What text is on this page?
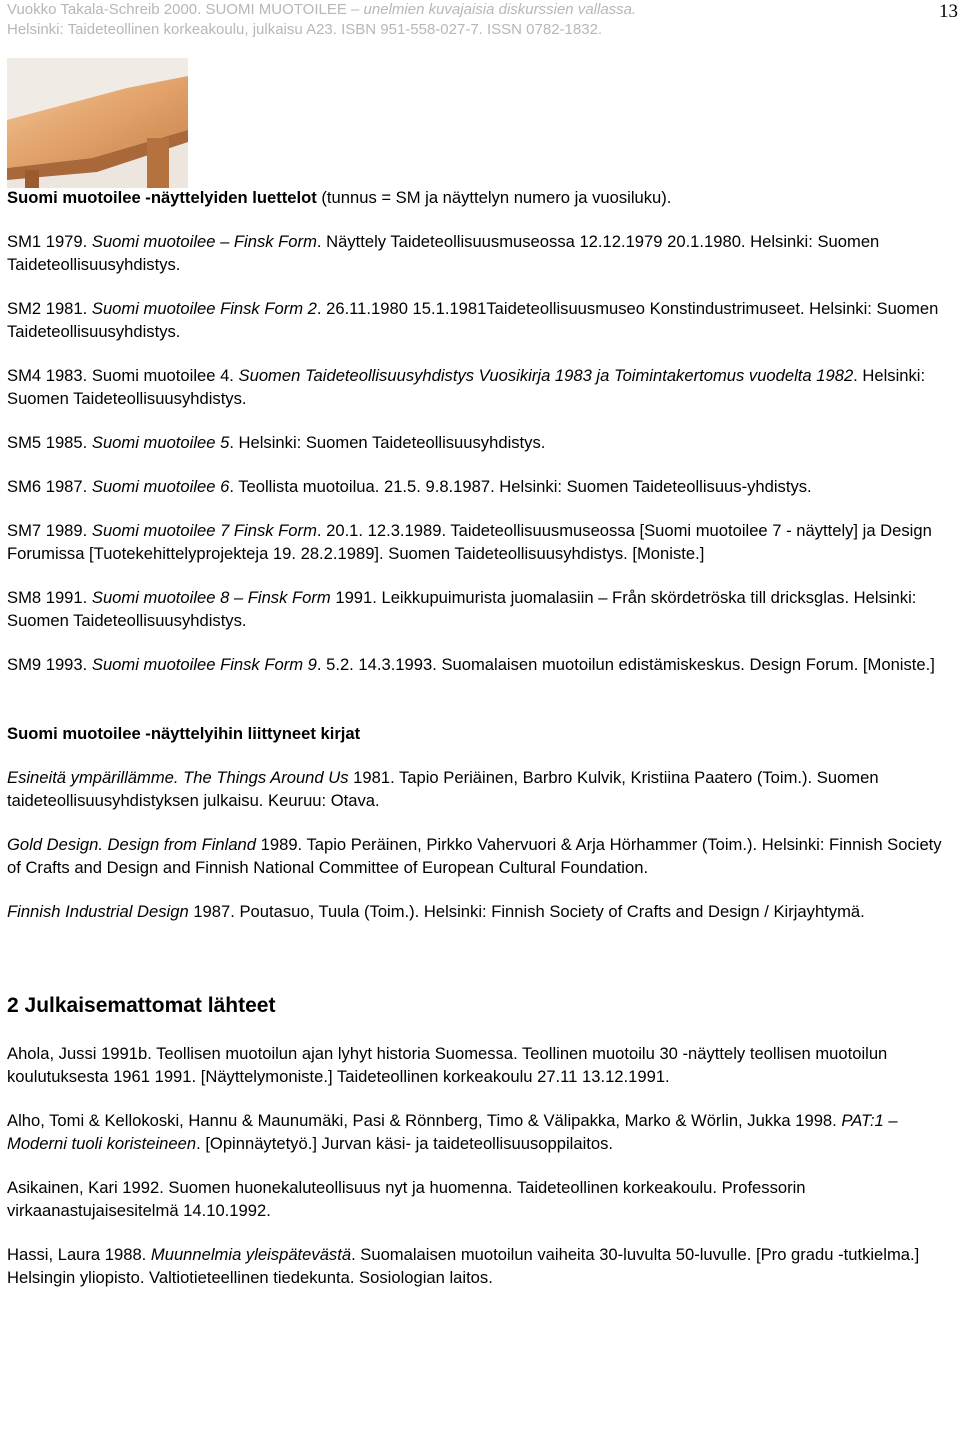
Vuokko Takala-Schreib 2000. SUOMI MUOTOILEE – unelmien kuvajaisia diskurssien vallassa.
Helsinki: Taideteollinen korkeakoulu, julkaisu A23. ISBN 951-558-027-7. ISSN 0782-1832.
13

Suomi muotoilee -näyttelyiden luettelot (tunnus = SM ja näyttelyn numero ja vuosiluku).

SM1 1979. Suomi muotoilee – Finsk Form. Näyttely Taideteollisuusmuseossa 12.12.1979 20.1.1980. Helsinki: Suomen Taideteollisuusyhdistys.

SM2 1981. Suomi muotoilee Finsk Form 2. 26.11.1980 15.1.1981Taideteollisuusmuseo Konstindustrimuseet. Helsinki: Suomen Taideteollisuusyhdistys.

SM4 1983. Suomi muotoilee 4. Suomen Taideteollisuusyhdistys Vuosikirja 1983 ja Toimintakertomus vuodelta 1982. Helsinki: Suomen Taideteollisuusyhdistys.

SM5 1985. Suomi muotoilee 5. Helsinki: Suomen Taideteollisuusyhdistys.

SM6 1987. Suomi muotoilee 6. Teollista muotoilua. 21.5. 9.8.1987. Helsinki: Suomen Taideteollisuus-yhdistys.

SM7 1989. Suomi muotoilee 7 Finsk Form. 20.1. 12.3.1989. Taideteollisuusmuseossa [Suomi muotoilee 7 - näyttely] ja Design Forumissa [Tuotekehittelyprojekteja 19. 28.2.1989]. Suomen Taideteollisuusyhdistys. [Moniste.]

SM8 1991. Suomi muotoilee 8 – Finsk Form 1991. Leikkupuimurista juomalasiin – Från skördetröska till dricksglas. Helsinki: Suomen Taideteollisuusyhdistys.

SM9 1993. Suomi muotoilee Finsk Form 9. 5.2. 14.3.1993. Suomalaisen muotoilun edistämiskeskus. Design Forum. [Moniste.]

Suomi muotoilee -näyttelyihin liittyneet kirjat

Esineitä ympärillämme. The Things Around Us 1981. Tapio Periäinen, Barbro Kulvik, Kristiina Paatero (Toim.). Suomen taideteollisuusyhdistyksen julkaisu. Keuruu: Otava.

Gold Design. Design from Finland 1989. Tapio Peräinen, Pirkko Vahervuori & Arja Hörhammer (Toim.). Helsinki: Finnish Society of Crafts and Design and Finnish National Committee of European Cultural Foundation.

Finnish Industrial Design 1987. Poutasuo, Tuula (Toim.). Helsinki: Finnish Society of Crafts and Design / Kirjayhtymä.

2 Julkaisemattomat lähteet

Ahola, Jussi 1991b. Teollisen muotoilun ajan lyhyt historia Suomessa. Teollinen muotoilu 30 -näyttely teollisen muotoilun koulutuksesta 1961 1991. [Näyttelymoniste.] Taideteollinen korkeakoulu 27.11 13.12.1991.

Alho, Tomi & Kellokoski, Hannu & Maunumäki, Pasi & Rönnberg, Timo & Välipakka, Marko & Wörlin, Jukka 1998. PAT:1 – Moderni tuoli koristeineen. [Opinnäytetyö.] Jurvan käsi- ja taideteollisuusoppilaitos.

Asikainen, Kari 1992. Suomen huonekaluteollisuus nyt ja huomenna. Taideteollinen korkeakoulu. Professorin virkaanastujaisesitelmä 14.10.1992.

Hassi, Laura 1988. Muunnelmia yleispätevästä. Suomalaisen muotoilun vaiheita 30-luvulta 50-luvulle. [Pro gradu -tutkielma.] Helsingin yliopisto. Valtiotieteellinen tiedekunta. Sosiologian laitos.
